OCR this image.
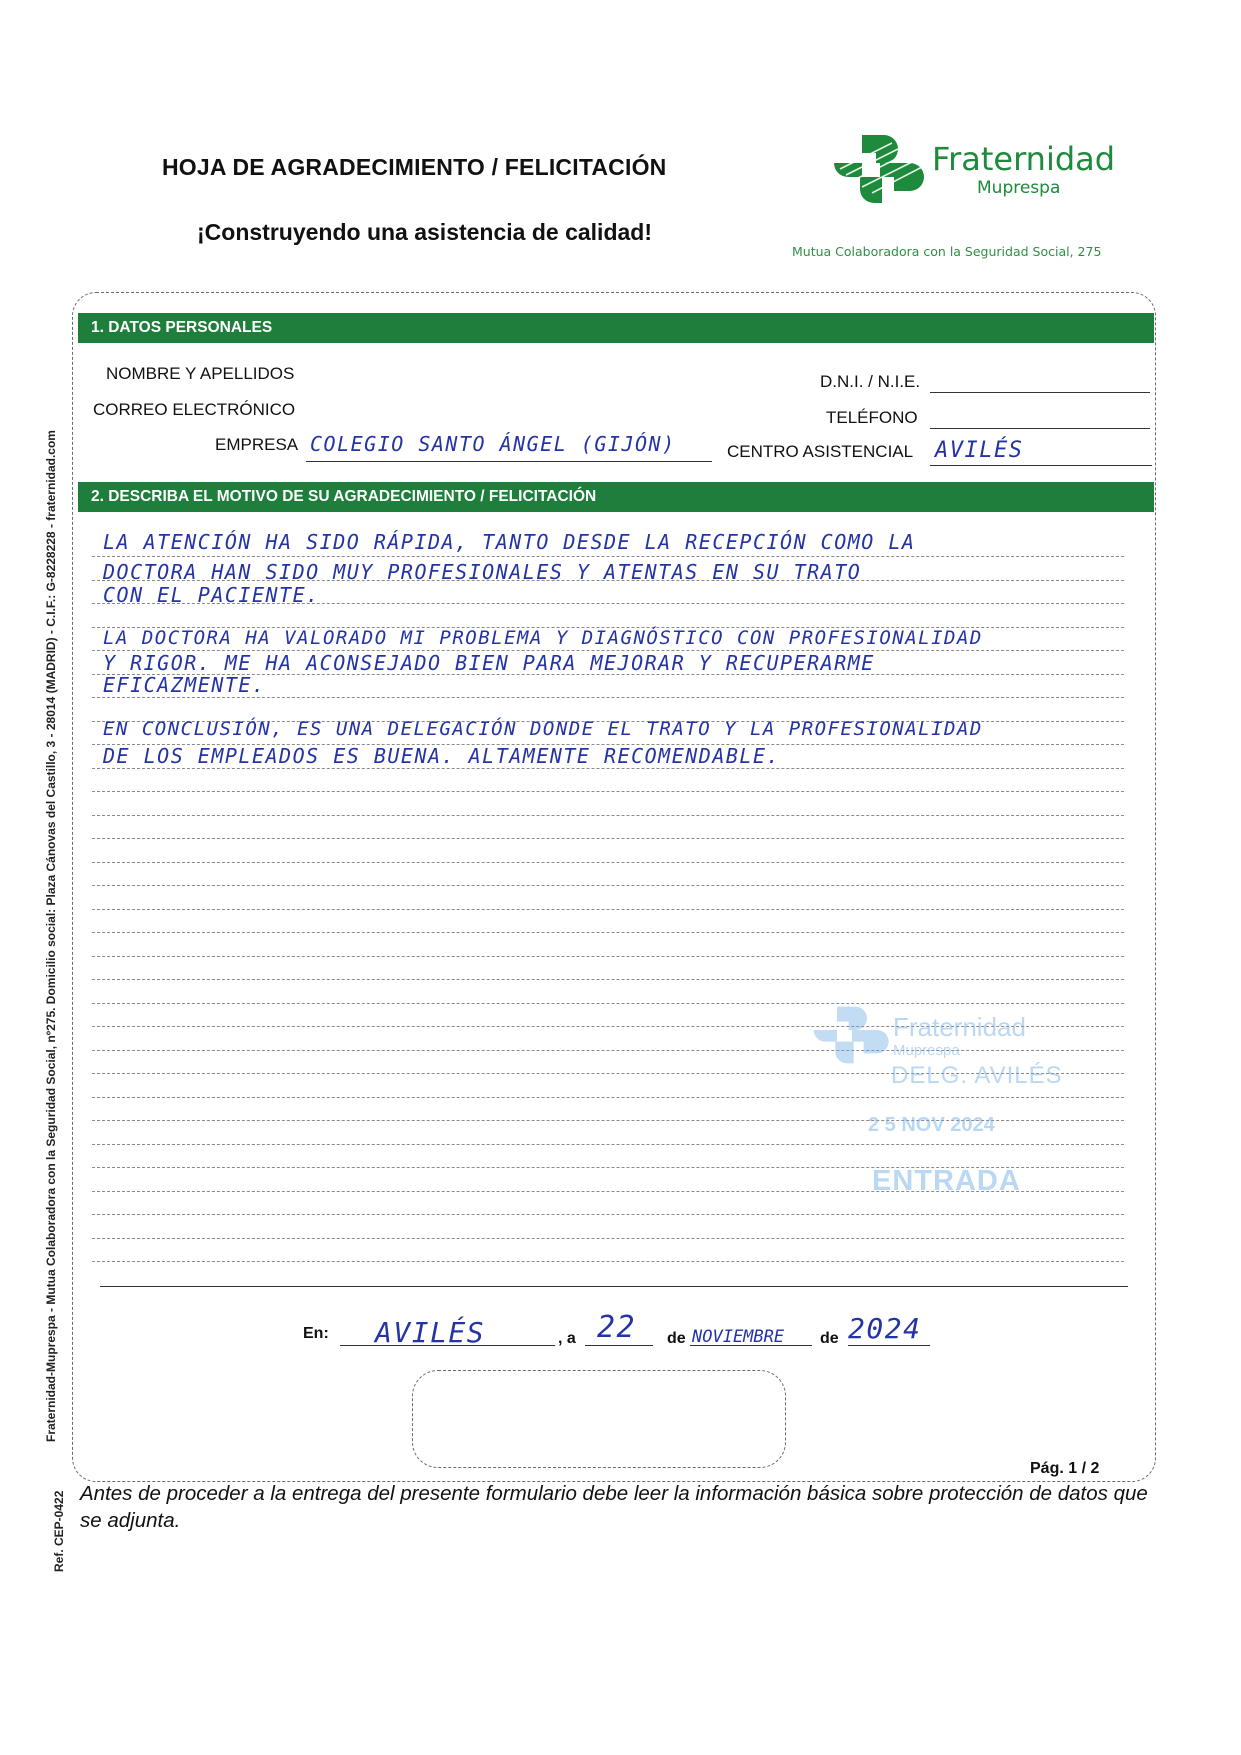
HOJA DE AGRADECIMIENTO / FELICITACIÓN
¡Construyendo una asistencia de calidad!
Fraternidad
Muprespa
Mutua Colaboradora con la Seguridad Social, 275
Fraternidad-Muprespa - Mutua Colaboradora con la Seguridad Social, nº275. Domicilio social: Plaza Cánovas del Castillo, 3 - 28014 (MADRID) - C.I.F.: G-8228228 - fraternidad.com
Ref. CEP-0422
1. DATOS PERSONALES
NOMBRE Y APELLIDOS	D.N.I. / N.I.E.
CORREO ELECTRÓNICO	TELÉFONO
EMPRESA COLEGIO SANTO ÁNGEL (GIJÓN)	CENTRO ASISTENCIAL AVILÉS
2. DESCRIBA EL MOTIVO DE SU AGRADECIMIENTO / FELICITACIÓN
LA ATENCIÓN HA SIDO RÁPIDA, TANTO DESDE LA RECEPCIÓN COMO LA
DOCTORA HAN SIDO MUY PROFESIONALES Y ATENTAS EN SU TRATO
CON EL PACIENTE.
LA DOCTORA HA VALORADO MI PROBLEMA Y DIAGNÓSTICO CON PROFESIONALIDAD
Y RIGOR. ME HA ACONSEJADO BIEN PARA MEJORAR Y RECUPERARME
EFICAZMENTE.
EN CONCLUSIÓN, ES UNA DELEGACIÓN DONDE EL TRATO Y LA PROFESIONALIDAD
DE LOS EMPLEADOS ES BUENA. ALTAMENTE RECOMENDABLE.
Fraternidad
Muprespa
DELG. AVILÉS
2 5 NOV 2024
ENTRADA
En: AVILÉS	, a 22 de NOVIEMBRE de 2024
Pág. 1 / 2
Antes de proceder a la entrega del presente formulario debe leer la información básica sobre protección de datos que se adjunta.
